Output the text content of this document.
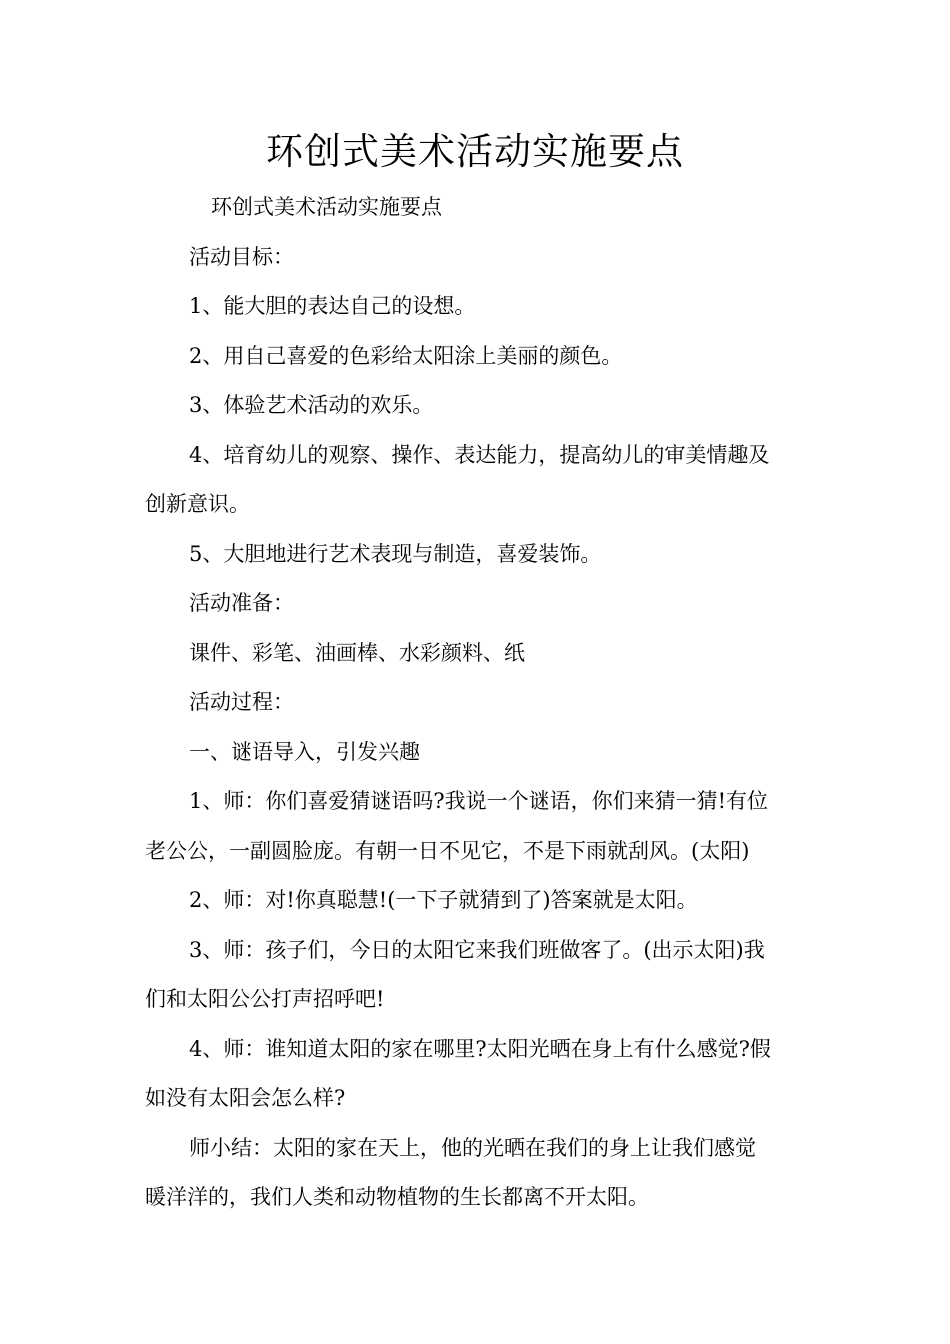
环创式美术活动实施要点

环创式美术活动实施要点

活动目标：

1、能大胆的表达自己的设想。

2、用自己喜爱的色彩给太阳涂上美丽的颜色。

3、体验艺术活动的欢乐。

4、培育幼儿的观察、操作、表达能力，提高幼儿的审美情趣及
创新意识。

5、大胆地进行艺术表现与制造，喜爱装饰。

活动准备：

课件、彩笔、油画棒、水彩颜料、纸

活动过程：

一、谜语导入，引发兴趣

1、师：你们喜爱猜谜语吗?我说一个谜语，你们来猜一猜!有位
老公公，一副圆脸庞。有朝一日不见它，不是下雨就刮风。(太阳)

2、师：对!你真聪慧!(一下子就猜到了)答案就是太阳。

3、师：孩子们，今日的太阳它来我们班做客了。(出示太阳)我
们和太阳公公打声招呼吧!

4、师：谁知道太阳的家在哪里?太阳光晒在身上有什么感觉?假
如没有太阳会怎么样?

师小结：太阳的家在天上，他的光晒在我们的身上让我们感觉
暖洋洋的，我们人类和动物植物的生长都离不开太阳。
